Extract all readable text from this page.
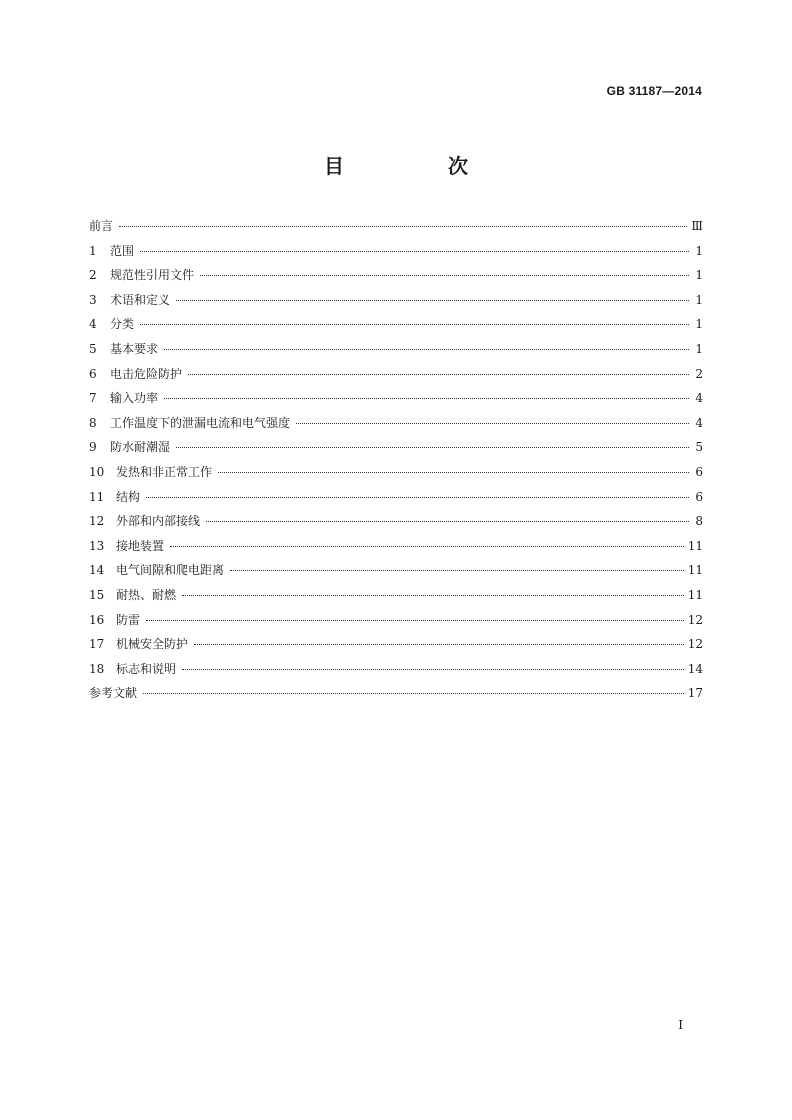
GB 31187—2014
目　次
前言	Ⅲ
1	范围	1
2	规范性引用文件	1
3	术语和定义	1
4	分类	1
5	基本要求	1
6	电击危险防护	2
7	输入功率	4
8	工作温度下的泄漏电流和电气强度	4
9	防水耐潮湿	5
10 发热和非正常工作	6
11 结构	6
12 外部和内部接线	8
13 接地装置	11
14 电气间隙和爬电距离	11
15 耐热、耐燃	11
16 防雷	12
17 机械安全防护	12
18 标志和说明	14
参考文献	17
Ⅰ
